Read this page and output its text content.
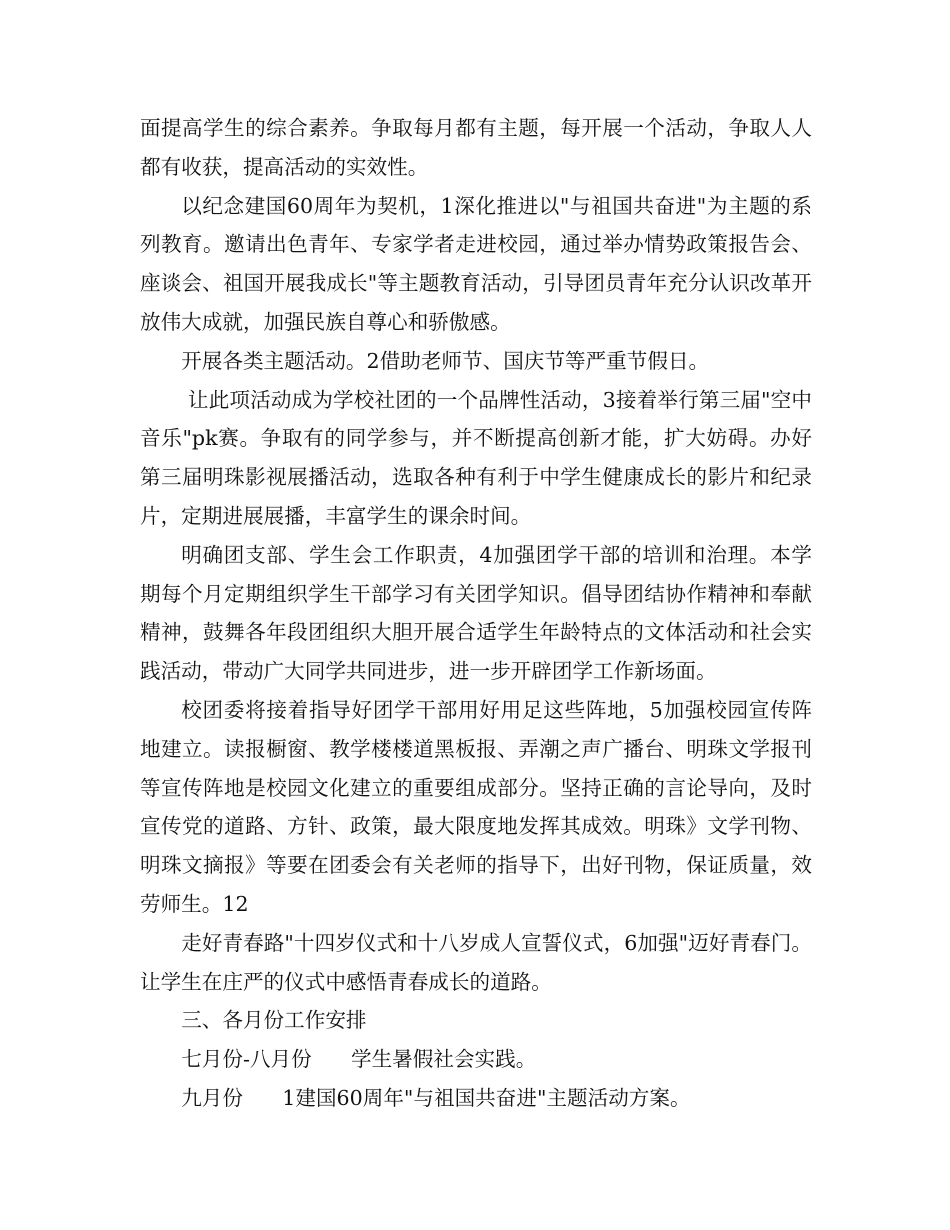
面提高学生的综合素养。争取每月都有主题，每开展一个活动，争取人人都有收获，提高活动的实效性。

以纪念建国60周年为契机，1深化推进以"与祖国共奋进"为主题的系列教育。邀请出色青年、专家学者走进校园，通过举办情势政策报告会、座谈会、祖国开展我成长"等主题教育活动，引导团员青年充分认识改革开放伟大成就，加强民族自尊心和骄傲感。

开展各类主题活动。2借助老师节、国庆节等严重节假日。

让此项活动成为学校社团的一个品牌性活动，3接着举行第三届"空中音乐"pk赛。争取有的同学参与，并不断提高创新才能，扩大妨碍。办好第三届明珠影视展播活动，选取各种有利于中学生健康成长的影片和纪录片，定期进展展播，丰富学生的课余时间。

明确团支部、学生会工作职责，4加强团学干部的培训和治理。本学期每个月定期组织学生干部学习有关团学知识。倡导团结协作精神和奉献精神，鼓舞各年段团组织大胆开展合适学生年龄特点的文体活动和社会实践活动，带动广大同学共同进步，进一步开辟团学工作新场面。

校团委将接着指导好团学干部用好用足这些阵地，5加强校园宣传阵地建立。读报橱窗、教学楼楼道黑板报、弄潮之声广播台、明珠文学报刊等宣传阵地是校园文化建立的重要组成部分。坚持正确的言论导向，及时宣传党的道路、方针、政策，最大限度地发挥其成效。明珠》文学刊物、明珠文摘报》等要在团委会有关老师的指导下，出好刊物，保证质量，效劳师生。12

走好青春路"十四岁仪式和十八岁成人宣誓仪式，6加强"迈好青春门。让学生在庄严的仪式中感悟青春成长的道路。

三、各月份工作安排

七月份-八月份      学生暑假社会实践。

九月份      1建国60周年"与祖国共奋进"主题活动方案。
